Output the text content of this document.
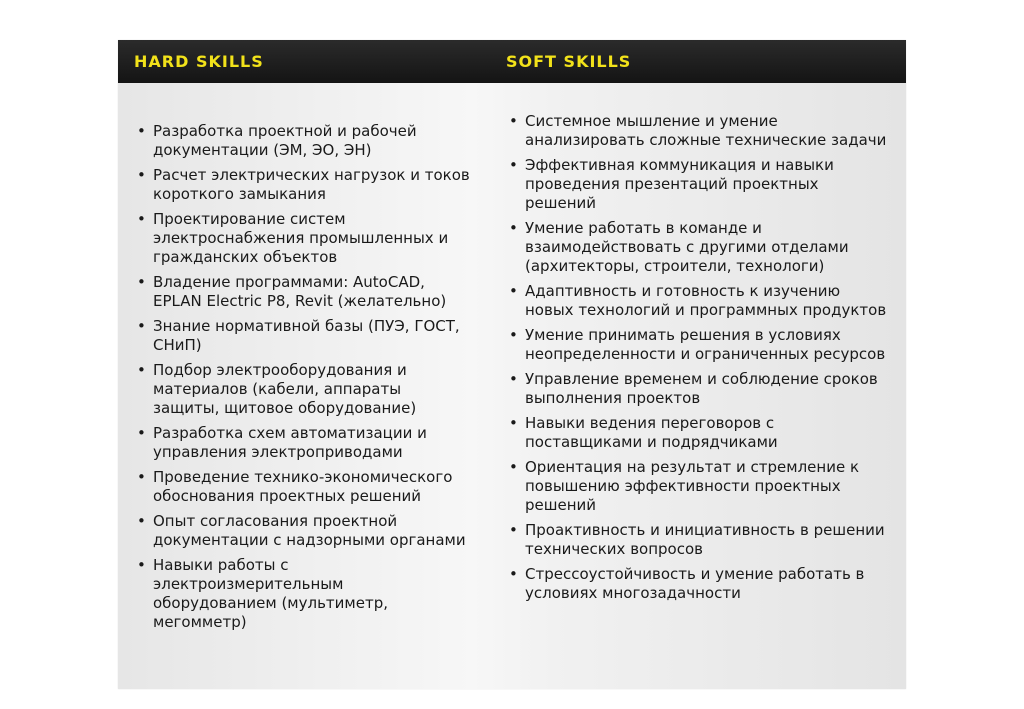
HARD SKILLS	SOFT SKILLS
• Разработка проектной и рабочей документации (ЭМ, ЭО, ЭН)
• Расчет электрических нагрузок и токов короткого замыкания
• Проектирование систем электроснабжения промышленных и гражданских объектов
• Владение программами: AutoCAD, EPLAN Electric P8, Revit (желательно)
• Знание нормативной базы (ПУЭ, ГОСТ, СНиП)
• Подбор электрооборудования и материалов (кабели, аппараты защиты, щитовое оборудование)
• Разработка схем автоматизации и управления электроприводами
• Проведение технико-экономического обоснования проектных решений
• Опыт согласования проектной документации с надзорными органами
• Навыки работы с электроизмерительным оборудованием (мультиметр, мегомметр)
• Системное мышление и умение анализировать сложные технические задачи
• Эффективная коммуникация и навыки проведения презентаций проектных решений
• Умение работать в команде и взаимодействовать с другими отделами (архитекторы, строители, технологи)
• Адаптивность и готовность к изучению новых технологий и программных продуктов
• Умение принимать решения в условиях неопределенности и ограниченных ресурсов
• Управление временем и соблюдение сроков выполнения проектов
• Навыки ведения переговоров с поставщиками и подрядчиками
• Ориентация на результат и стремление к повышению эффективности проектных решений
• Проактивность и инициативность в решении технических вопросов
• Стрессоустойчивость и умение работать в условиях многозадачности
